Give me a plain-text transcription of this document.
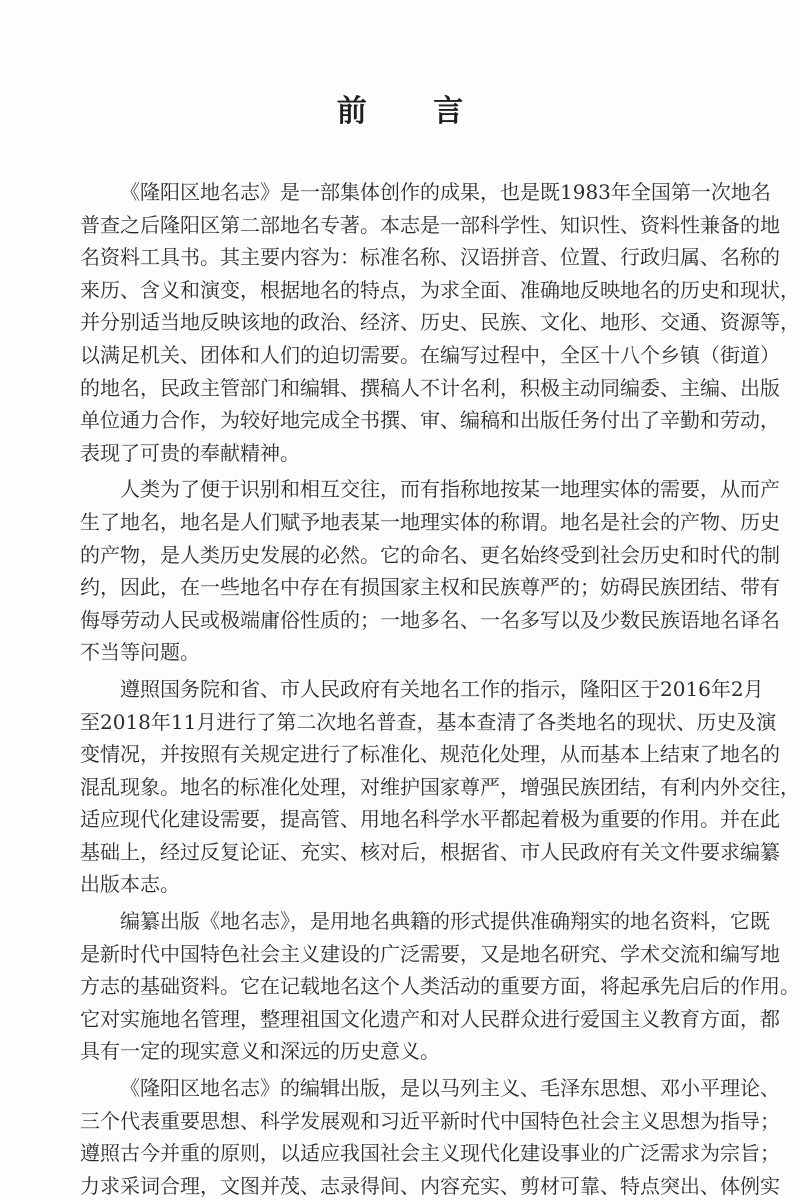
前 言

《隆阳区地名志》是一部集体创作的成果，也是既1983年全国第一次地名
普查之后隆阳区第二部地名专著。本志是一部科学性、知识性、资料性兼备的地
名资料工具书。其主要内容为：标准名称、汉语拼音、位置、行政归属、名称的
来历、含义和演变，根据地名的特点，为求全面、准确地反映地名的历史和现状，
并分别适当地反映该地的政治、经济、历史、民族、文化、地形、交通、资源等，
以满足机关、团体和人们的迫切需要。在编写过程中，全区十八个乡镇（街道）
的地名，民政主管部门和编辑、撰稿人不计名利，积极主动同编委、主编、出版
单位通力合作，为较好地完成全书撰、审、编稿和出版任务付出了辛勤和劳动，
表现了可贵的奉献精神。

人类为了便于识别和相互交往，而有指称地按某一地理实体的需要，从而产
生了地名，地名是人们赋予地表某一地理实体的称谓。地名是社会的产物、历史
的产物，是人类历史发展的必然。它的命名、更名始终受到社会历史和时代的制
约，因此，在一些地名中存在有损国家主权和民族尊严的；妨碍民族团结、带有
侮辱劳动人民或极端庸俗性质的；一地多名、一名多写以及少数民族语地名译名
不当等问题。

遵照国务院和省、市人民政府有关地名工作的指示，隆阳区于2016年2月
至2018年11月进行了第二次地名普查，基本查清了各类地名的现状、历史及演
变情况，并按照有关规定进行了标准化、规范化处理，从而基本上结束了地名的
混乱现象。地名的标准化处理，对维护国家尊严，增强民族团结，有利内外交往，
适应现代化建设需要，提高管、用地名科学水平都起着极为重要的作用。并在此
基础上，经过反复论证、充实、核对后，根据省、市人民政府有关文件要求编纂
出版本志。

编纂出版《地名志》，是用地名典籍的形式提供准确翔实的地名资料，它既
是新时代中国特色社会主义建设的广泛需要，又是地名研究、学术交流和编写地
方志的基础资料。它在记载地名这个人类活动的重要方面，将起承先启后的作用。
它对实施地名管理，整理祖国文化遗产和对人民群众进行爱国主义教育方面，都
具有一定的现实意义和深远的历史意义。

《隆阳区地名志》的编辑出版，是以马列主义、毛泽东思想、邓小平理论、
三个代表重要思想、科学发展观和习近平新时代中国特色社会主义思想为指导；
遵照古今并重的原则，以适应我国社会主义现代化建设事业的广泛需求为宗旨；
力求采词合理，文图并茂、志录得间、内容充实、剪材可靠、特点突出、体例实
